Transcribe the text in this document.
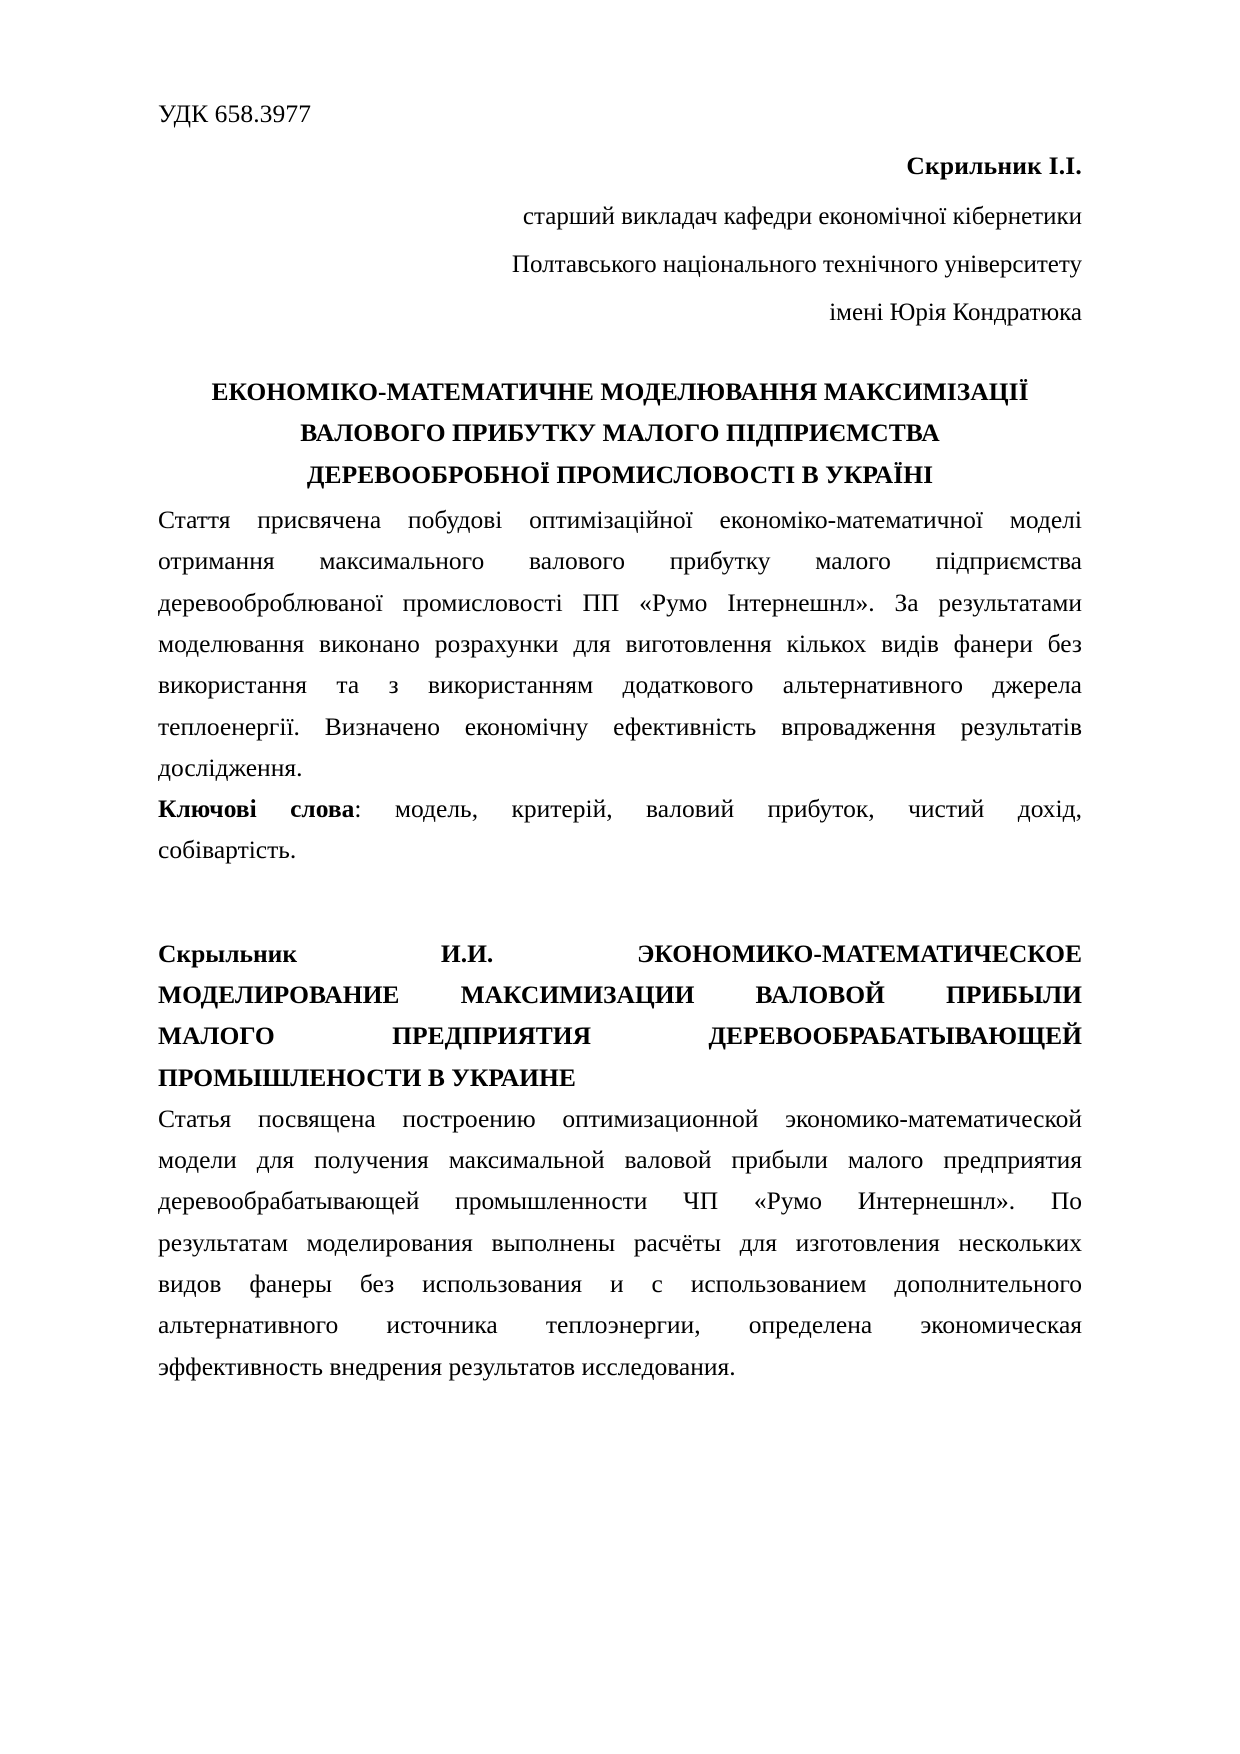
УДК 658.3977

Скрильник І.І.
старший викладач кафедри економічної кібернетики
Полтавського національного технічного університету
імені Юрія Кондратюка
ЕКОНОМІКО-МАТЕМАТИЧНЕ МОДЕЛЮВАННЯ МАКСИМІЗАЦІЇ
ВАЛОВОГО ПРИБУТКУ МАЛОГО ПІДПРИЄМСТВА
ДЕРЕВООБРОБНОЇ ПРОМИСЛОВОСТІ В УКРАЇНІ
Стаття присвячена побудові оптимізаційної економіко-математичної моделі
отримання максимального валового прибутку малого підприємства
деревооброблюваної промисловості ПП «Румо Інтернешнл». За результатами
моделювання виконано розрахунки для виготовлення кількох видів фанери без
використання та з використанням додаткового альтернативного джерела
теплоенергії. Визначено економічну ефективність впровадження результатів
дослідження.
Ключові слова: модель, критерій, валовий прибуток, чистий дохід,
собівартість.
Скрыльник И.И. ЭКОНОМИКО-МАТЕМАТИЧЕСКОЕ
МОДЕЛИРОВАНИЕ МАКСИМИЗАЦИИ ВАЛОВОЙ ПРИБЫЛИ
МАЛОГО ПРЕДПРИЯТИЯ ДЕРЕВООБРАБАТЫВАЮЩЕЙ
ПРОМЫШЛЕНОСТИ В УКРАИНЕ
Статья посвящена построению оптимизационной экономико-математической
модели для получения максимальной валовой прибыли малого предприятия
деревообрабатывающей промышленности ЧП «Румо Интернешнл». По
результатам моделирования выполнены расчёты для изготовления нескольких
видов фанеры без использования и с использованием дополнительного
альтернативного источника теплоэнергии, определена экономическая
эффективность внедрения результатов исследования.
